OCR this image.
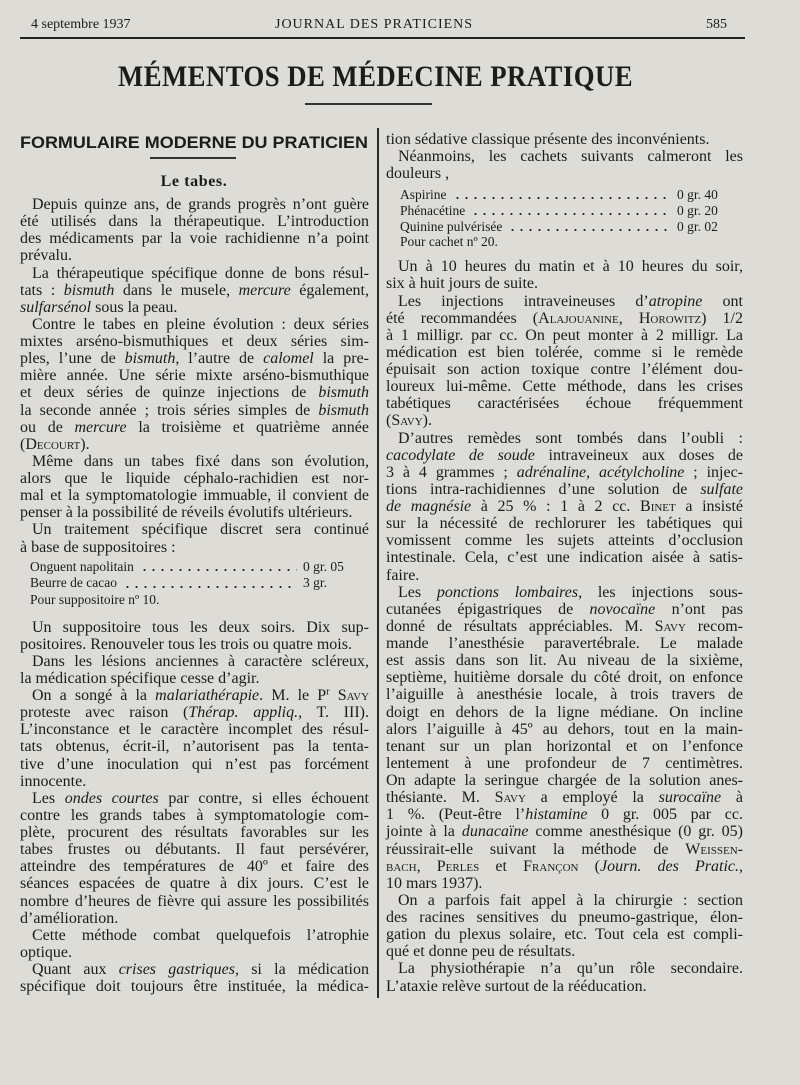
4 septembre 1937	JOURNAL DES PRATICIENS	585
MÉMENTOS DE MÉDECINE PRATIQUE
FORMULAIRE MODERNE DU PRATICIEN
Le tabes.
Depuis quinze ans, de grands progrès n’ont guère
été utilisés dans la thérapeutique. L’introduction
des médicaments par la voie rachidienne n’a point
prévalu.
La thérapeutique spécifique donne de bons résul-
tats : bismuth dans le musele, mercure également,
sulfarsénol sous la peau.
Contre le tabes en pleine évolution : deux séries
mixtes arséno-bismuthiques et deux séries sim-
ples, l’une de bismuth, l’autre de calomel la pre-
mière année. Une série mixte arséno-bismuthique
et deux séries de quinze injections de bismuth
la seconde année ; trois séries simples de bismuth
ou de mercure la troisième et quatrième année
(Decourt).
Même dans un tabes fixé dans son évolution,
alors que le liquide céphalo-rachidien est nor-
mal et la symptomatologie immuable, il convient de
penser à la possibilité de réveils évolutifs ultérieurs.
Un traitement spécifique discret sera continué
à base de suppositoires :
Onguent napolitain	0 gr. 05
Beurre de cacao	3 gr.
Pour suppositoire nº 10.
Un suppositoire tous les deux soirs. Dix sup-
positoires. Renouveler tous les trois ou quatre mois.
Dans les lésions anciennes à caractère scléreux,
la médication spécifique cesse d’agir.
On a songé à la malariathérapie. M. le $P^r$ Savy
proteste avec raison (Thérap. appliq., T. III).
L’inconstance et le caractère incomplet des résul-
tats obtenus, écrit-il, n’autorisent pas la tenta-
tive d’une inoculation qui n’est pas forcément
innocente.
Les ondes courtes par contre, si elles échouent
contre les grands tabes à symptomatologie com-
plète, procurent des résultats favorables sur les
tabes frustes ou débutants. Il faut persévérer,
atteindre des températures de 40º et faire des
séances espacées de quatre à dix jours. C’est le
nombre d’heures de fièvre qui assure les possibilités
d’amélioration.
Cette méthode combat quelquefois l’atrophie
optique.
Quant aux crises gastriques, si la médication
spécifique doit toujours être instituée, la médica-
tion sédative classique présente des inconvénients.
Néanmoins, les cachets suivants calmeront les
douleurs ,
Aspirine	0 gr. 40
Phénacétine	0 gr. 20
Quinine pulvérisée	0 gr. 02
Pour cachet nº 20.
Un à 10 heures du matin et à 10 heures du soir,
six à huit jours de suite.
Les injections intraveineuses d’atropine ont
été recommandées (Alajouanine, Horowitz) 1/2
à 1 milligr. par cc. On peut monter à 2 milligr. La
médication est bien tolérée, comme si le remède
épuisait son action toxique contre l’élément dou-
loureux lui-même. Cette méthode, dans les crises
tabétiques caractérisées échoue fréquemment
(Savy).
D’autres remèdes sont tombés dans l’oubli :
cacodylate de soude intraveineux aux doses de
3 à 4 grammes ; adrénaline, acétylcholine ; injec-
tions intra-rachidiennes d’une solution de sulfate
de magnésie à 25 % : 1 à 2 cc. Binet a insisté
sur la nécessité de rechlorurer les tabétiques qui
vomissent comme les sujets atteints d’occlusion
intestinale. Cela, c’est une indication aisée à satis-
faire.
Les ponctions lombaires, les injections sous-
cutanées épigastriques de novocaïne n’ont pas
donné de résultats appréciables. M. Savy recom-
mande l’anesthésie paravertébrale. Le malade
est assis dans son lit. Au niveau de la sixième,
septième, huitième dorsale du côté droit, on enfonce
l’aiguille à anesthésie locale, à trois travers de
doigt en dehors de la ligne médiane. On incline
alors l’aiguille à 45º au dehors, tout en la main-
tenant sur un plan horizontal et on l’enfonce
lentement à une profondeur de 7 centimètres.
On adapte la seringue chargée de la solution anes-
thésiante. M. Savy a employé la surocaïne à
1 %. (Peut-être l’histamine 0 gr. 005 par cc.
jointe à la dunacaïne comme anesthésique (0 gr. 05)
réussirait-elle suivant la méthode de Weissen-
bach, Perles et Françon (Journ. des Pratic.,
10 mars 1937).
On a parfois fait appel à la chirurgie : section
des racines sensitives du pneumo-gastrique, élon-
gation du plexus solaire, etc. Tout cela est compli-
qué et donne peu de résultats.
La physiothérapie n’a qu’un rôle secondaire.
L’ataxie relève surtout de la rééducation.
